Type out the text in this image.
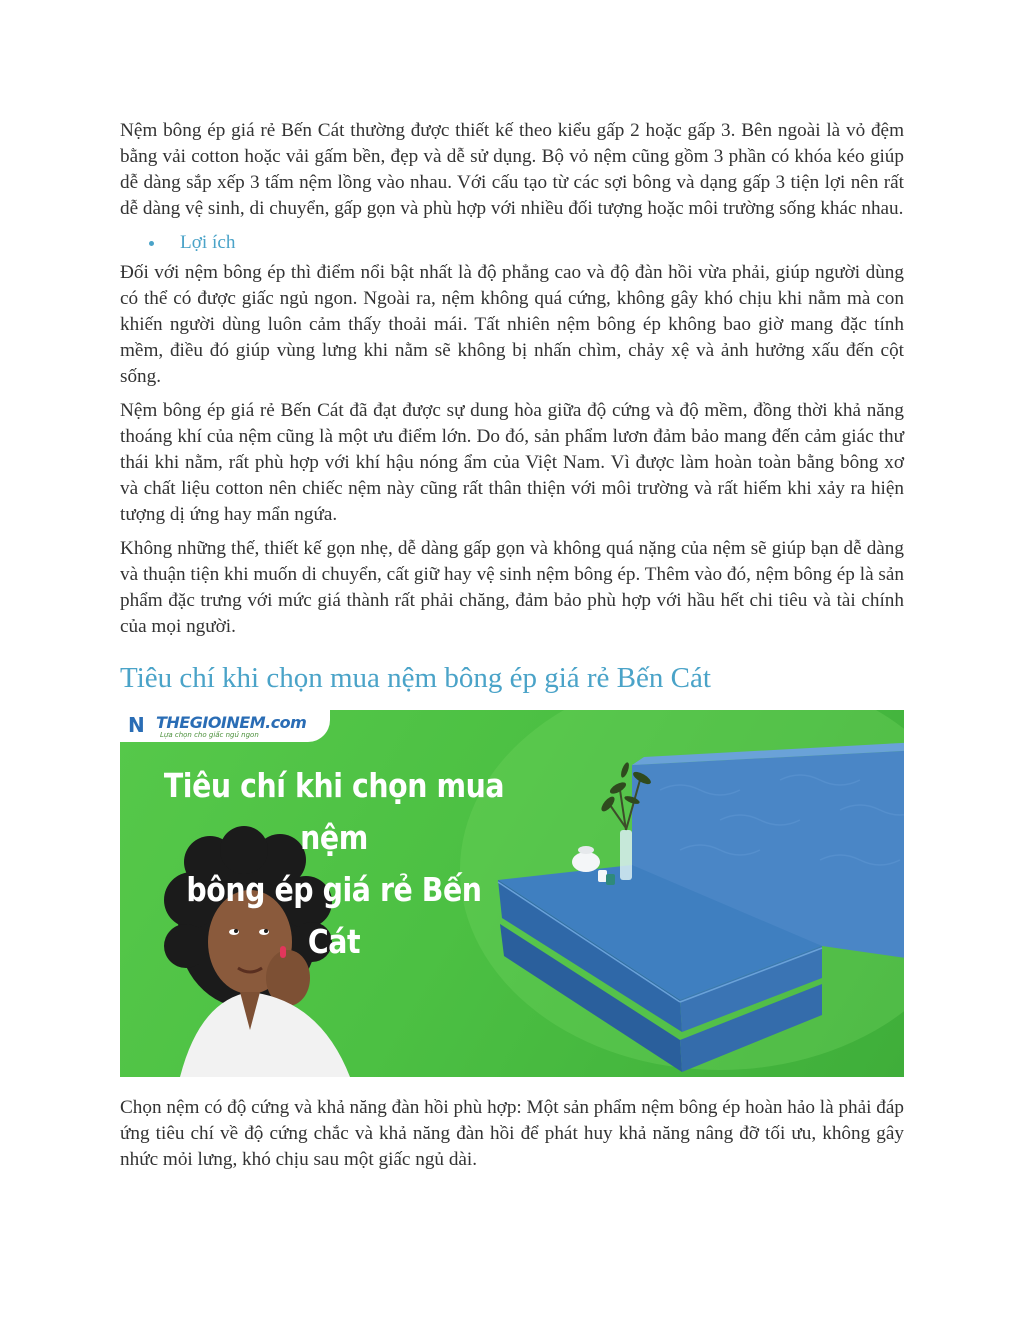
Nệm bông ép giá rẻ Bến Cát thường được thiết kế theo kiểu gấp 2 hoặc gấp 3. Bên ngoài là vỏ đệm bằng vải cotton hoặc vải gấm bền, đẹp và dễ sử dụng. Bộ vỏ nệm cũng gồm 3 phần có khóa kéo giúp dễ dàng sắp xếp 3 tấm nệm lồng vào nhau. Với cấu tạo từ các sợi bông và dạng gấp 3 tiện lợi nên rất dễ dàng vệ sinh, di chuyển, gấp gọn và phù hợp với nhiều đối tượng hoặc môi trường sống khác nhau.

Lợi ích

Đối với nệm bông ép thì điểm nổi bật nhất là độ phẳng cao và độ đàn hồi vừa phải, giúp người dùng có thể có được giấc ngủ ngon. Ngoài ra, nệm không quá cứng, không gây khó chịu khi nằm mà con khiến người dùng luôn cảm thấy thoải mái. Tất nhiên nệm bông ép không bao giờ mang đặc tính mềm, điều đó giúp vùng lưng khi nằm sẽ không bị nhấn chìm, chảy xệ và ảnh hưởng xấu đến cột sống.

Nệm bông ép giá rẻ Bến Cát đã đạt được sự dung hòa giữa độ cứng và độ mềm, đồng thời khả năng thoáng khí của nệm cũng là một ưu điểm lớn. Do đó, sản phẩm lươn đảm bảo mang đến cảm giác thư thái khi nằm, rất phù hợp với khí hậu nóng ẩm của Việt Nam. Vì được làm hoàn toàn bằng bông xơ và chất liệu cotton nên chiếc nệm này cũng rất thân thiện với môi trường và rất hiếm khi xảy ra hiện tượng dị ứng hay mẩn ngứa.

Không những thế, thiết kế gọn nhẹ, dễ dàng gấp gọn và không quá nặng của nệm sẽ giúp bạn dễ dàng và thuận tiện khi muốn di chuyển, cất giữ hay vệ sinh nệm bông ép. Thêm vào đó, nệm bông ép là sản phẩm đặc trưng với mức giá thành rất phải chăng, đảm bảo phù hợp với hầu hết chi tiêu và tài chính của mọi người.

Tiêu chí khi chọn mua nệm bông ép giá rẻ Bến Cát
N THEGIOINEM.com
Lựa chọn cho giấc ngủ ngon
Tiêu chí khi chọn mua nệm
bông ép giá rẻ Bến Cát

Chọn nệm có độ cứng và khả năng đàn hồi phù hợp: Một sản phẩm nệm bông ép hoàn hảo là phải đáp ứng tiêu chí về độ cứng chắc và khả năng đàn hồi để phát huy khả năng nâng đỡ tối ưu, không gây nhức mỏi lưng, khó chịu sau một giấc ngủ dài.
